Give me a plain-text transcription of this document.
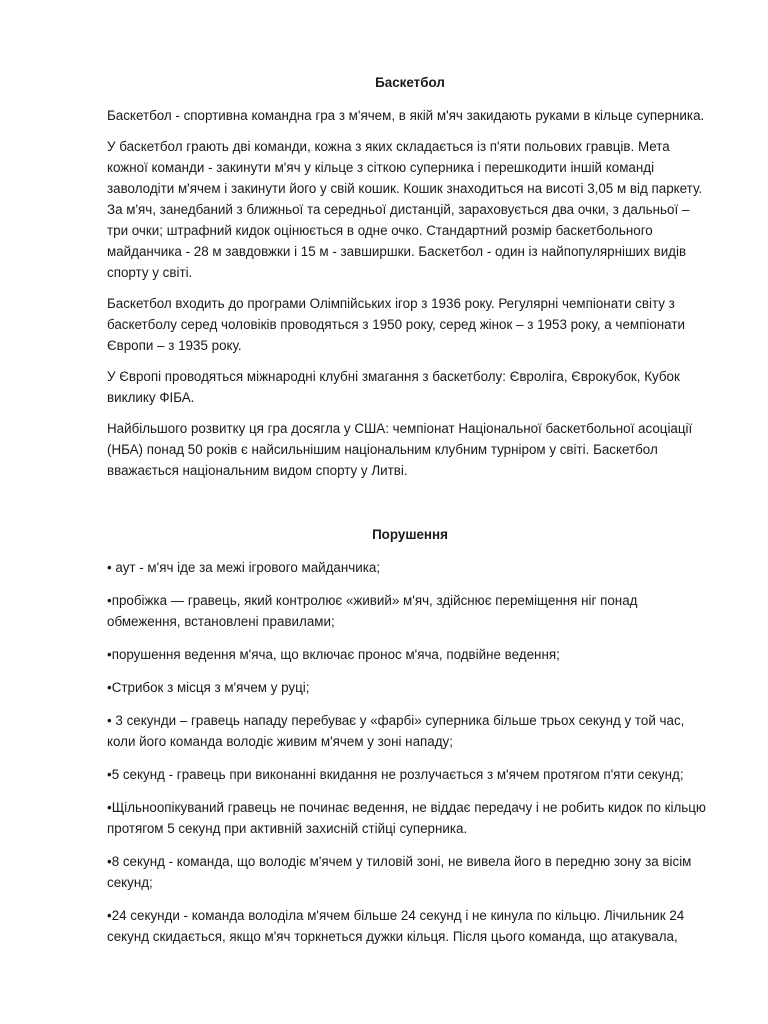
Баскетбол

Баскетбол - спортивна командна гра з м'ячем, в якій м'яч закидають руками в кільце суперника.

У баскетбол грають дві команди, кожна з яких складається із п'яти польових гравців. Мета кожної команди - закинути м'яч у кільце з сіткою суперника і перешкодити іншій команді заволодіти м'ячем і закинути його у свій кошик. Кошик знаходиться на висоті 3,05 м від паркету. За м'яч, занедбаний з ближньої та середньої дистанцій, зараховується два очки, з дальньої – три очки; штрафний кидок оцінюється в одне очко. Стандартний розмір баскетбольного майданчика - 28 м завдовжки і 15 м - завширшки. Баскетбол - один із найпопулярніших видів спорту у світі.

Баскетбол входить до програми Олімпійських ігор з 1936 року. Регулярні чемпіонати світу з баскетболу серед чоловіків проводяться з 1950 року, серед жінок – з 1953 року, а чемпіонати Європи – з 1935 року.

У Європі проводяться міжнародні клубні змагання з баскетболу: Євроліга, Єврокубок, Кубок виклику ФІБА.

Найбільшого розвитку ця гра досягла у США: чемпіонат Національної баскетбольної асоціації (НБА) понад 50 років є найсильнішим національним клубним турніром у світі. Баскетбол вважається національним видом спорту у Литві.

Порушення

• аут - м'яч іде за межі ігрового майданчика;

•пробіжка — гравець, який контролює «живий» м'яч, здійснює переміщення ніг понад обмеження, встановлені правилами;

•порушення ведення м'яча, що включає пронос м'яча, подвійне ведення;

•Стрибок з місця з м'ячем у руці;

• 3 секунди – гравець нападу перебуває у «фарбі» суперника більше трьох секунд у той час, коли його команда володіє живим м'ячем у зоні нападу;

•5 секунд - гравець при виконанні вкидання не розлучається з м'ячем протягом п'яти секунд;

•Щільноопікуваний гравець не починає ведення, не віддає передачу і не робить кидок по кільцю протягом 5 секунд при активній захисній стійці суперника.

•8 секунд - команда, що володіє м'ячем у тиловій зоні, не вивела його в передню зону за вісім секунд;

•24 секунди - команда володіла м'ячем більше 24 секунд і не кинула по кільцю. Лічильник 24 секунд скидається, якщо м'яч торкнеться дужки кільця. Після цього команда, що атакувала,
